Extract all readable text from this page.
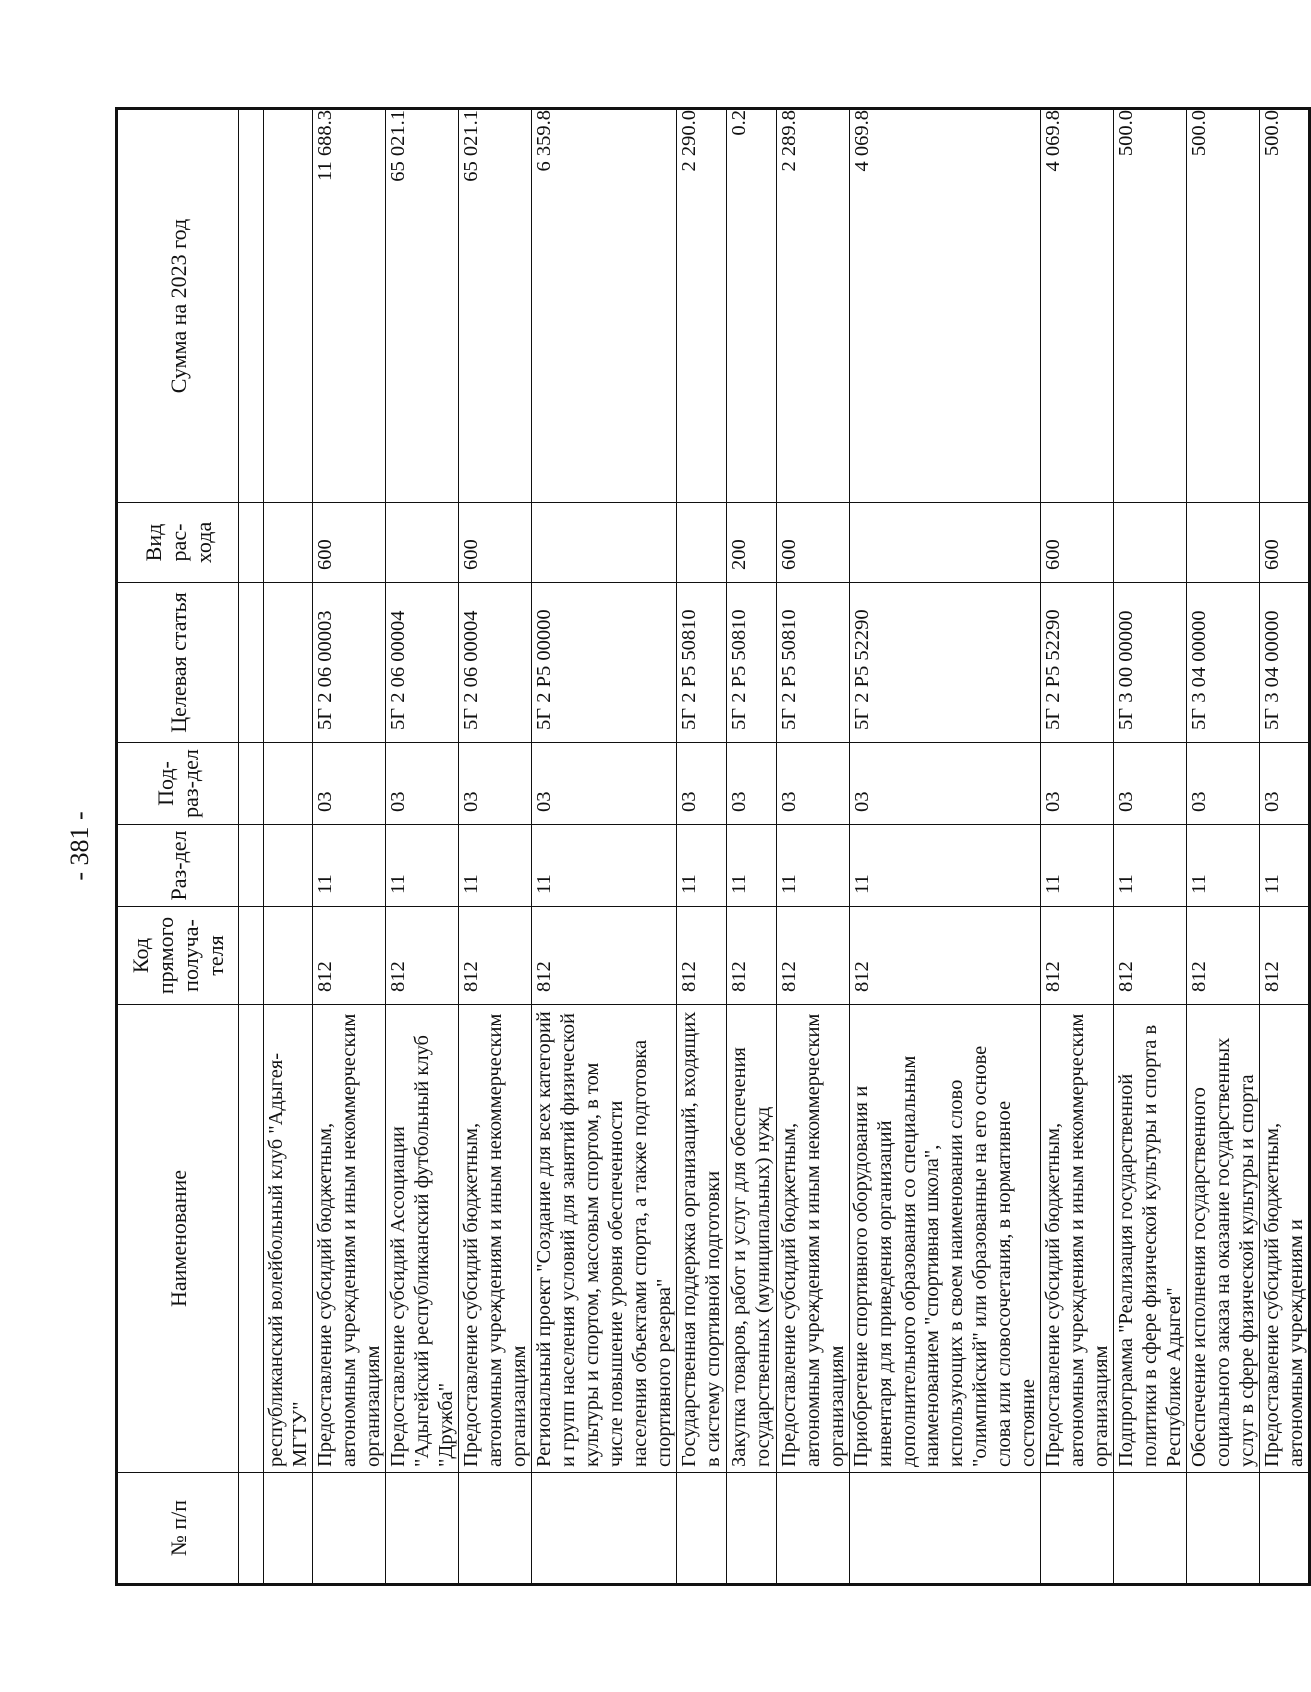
- 381 -
№ п/п	Наименование	Код прямого получа-теля	Раз-дел	Под-раз-дел	Целевая статья	Вид рас-хода	Сумма на 2023 год

	республиканский волейбольный клуб "Адыгея-МГТУ"						
	Предоставление субсидий бюджетным, автономным учреждениям и иным некоммерческим организациям	812	11	03	5Г 2 06 00003	600	11 688.3
	Предоставление субсидий Ассоциации "Адыгейский республиканский футбольный клуб "Дружба"	812	11	03	5Г 2 06 00004		65 021.1
	Предоставление субсидий бюджетным, автономным учреждениям и иным некоммерческим организациям	812	11	03	5Г 2 06 00004	600	65 021.1
	Региональный проект "Создание для всех категорий и групп населения условий для занятий физической культуры и спортом, массовым спортом, в том числе повышение уровня обеспеченности населения объектами спорта, а также подготовка спортивного резерва"	812	11	03	5Г 2 P5 00000		6 359.8
	Государственная поддержка организаций, входящих в систему спортивной подготовки	812	11	03	5Г 2 P5 50810		2 290.0
	Закупка товаров, работ и услуг для обеспечения государственных (муниципальных) нужд	812	11	03	5Г 2 P5 50810	200	0.2
	Предоставление субсидий бюджетным, автономным учреждениям и иным некоммерческим организациям	812	11	03	5Г 2 P5 50810	600	2 289.8
	Приобретение спортивного оборудования и инвентаря для приведения организаций дополнительного образования со специальным наименованием "спортивная школа", использующих в своем наименовании слово "олимпийский" или образованные на его основе слова или словосочетания, в нормативное состояние	812	11	03	5Г 2 P5 52290		4 069.8
	Предоставление субсидий бюджетным, автономным учреждениям и иным некоммерческим организациям	812	11	03	5Г 2 P5 52290	600	4 069.8
	Подпрограмма "Реализация государственной политики в сфере физической культуры и спорта в Республике Адыгея"	812	11	03	5Г 3 00 00000		500.0
	Обеспечение исполнения государственного социального заказа на оказание государственных услуг в сфере физической культуры и спорта	812	11	03	5Г 3 04 00000		500.0
	Предоставление субсидий бюджетным, автономным учреждениям и	812	11	03	5Г 3 04 00000	600	500.0
